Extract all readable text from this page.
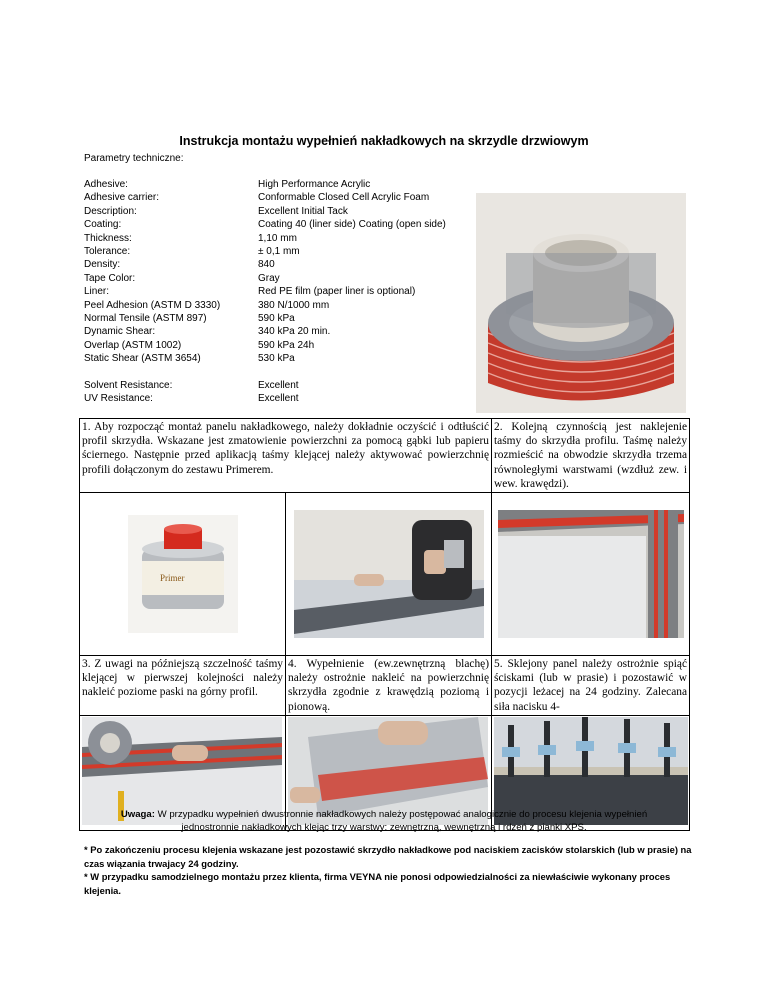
Instrukcja montażu wypełnień nakładkowych na skrzydle drzwiowym
Parametry techniczne:
Adhesive:	High Performance Acrylic
Adhesive carrier:	Conformable Closed Cell Acrylic Foam
Description:	Excellent Initial Tack
Coating:	Coating 40 (liner side) Coating (open side)
Thickness:	1,10 mm
Tolerance:	± 0,1 mm
Density:	840
Tape Color:	Gray
Liner:	Red PE film (paper liner is optional)
Peel Adhesion (ASTM D 3330)	380 N/1000 mm
Normal Tensile (ASTM 897)	590 kPa
Dynamic Shear:	340 kPa 20 min.
Overlap (ASTM 1002)	590 kPa 24h
Static Shear (ASTM 3654)	530 kPa
Solvent Resistance:	Excellent
UV Resistance:	Excellent
1. Aby rozpocząć montaż panelu nakładkowego, należy dokładnie oczyścić i odtłuścić profil skrzydła. Wskazane jest zmatowienie powierzchni za pomocą gąbki lub papieru ściernego. Następnie przed aplikacją taśmy klejącej należy aktywować powierzchnię profili dołączonym do zestawu Primerem.		2. Kolejną czynnością jest naklejenie taśmy do skrzydła profilu. Taśmę należy rozmieścić na obwodzie skrzydła trzema równoległymi warstwami (wzdłuż zew. i wew. krawędzi).

Primer

3. Z uwagi na późniejszą szczelność taśmy klejącej w pierwszej kolejności należy nakleić poziome paski na górny profil.	4. Wypełnienie (ew.zewnętrzną blachę) należy ostrożnie nakleić na powierzchnię skrzydła zgodnie z krawędzią poziomą i pionową.	5. Sklejony panel należy ostrożnie spiąć ściskami (lub w prasie) i pozostawić w pozycji leżacej na 24 godziny. Zalecana siła nacisku 4-

Uwaga: W przypadku wypełnień dwustronnie nakładkowych należy postępować analogicznie do procesu klejenia wypełnień jednostronnie nakładkowych klejąc trzy warstwy: zewnętrzną, wewnętrzną i rdzeń z pianki XPS.
* Po zakończeniu procesu klejenia wskazane jest pozostawić skrzydło nakładkowe pod naciskiem zacisków stolarskich (lub w prasie) na czas wiązania trwajacy 24 godziny.
* W przypadku samodzielnego montażu przez klienta, firma VEYNA nie ponosi odpowiedzialności za niewłaściwie wykonany proces klejenia.
